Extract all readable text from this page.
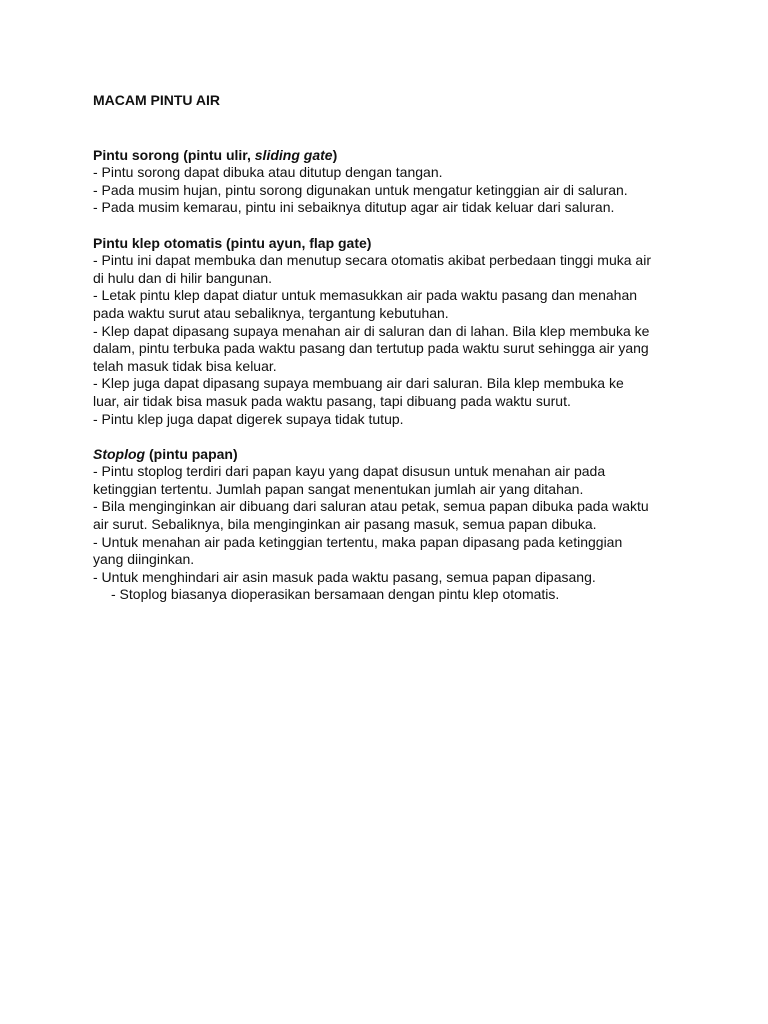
MACAM PINTU AIR

Pintu sorong (pintu ulir, sliding gate)

- Pintu sorong dapat dibuka atau ditutup dengan tangan.

- Pada musim hujan, pintu sorong digunakan untuk mengatur ketinggian air di saluran.

- Pada musim kemarau, pintu ini sebaiknya ditutup agar air tidak keluar dari saluran.

Pintu klep otomatis (pintu ayun, flap gate)

- Pintu ini dapat membuka dan menutup secara otomatis akibat perbedaan tinggi muka air di hulu dan di hilir bangunan.

- Letak pintu klep dapat diatur untuk memasukkan air pada waktu pasang dan menahan pada waktu surut atau sebaliknya, tergantung kebutuhan.

- Klep dapat dipasang supaya menahan air di saluran dan di lahan. Bila klep membuka ke dalam, pintu terbuka pada waktu pasang dan tertutup pada waktu surut sehingga air yang telah masuk tidak bisa keluar.

- Klep juga dapat dipasang supaya membuang air dari saluran. Bila klep membuka ke luar, air tidak bisa masuk pada waktu pasang, tapi dibuang pada waktu surut.

- Pintu klep juga dapat digerek supaya tidak tutup.

Stoplog (pintu papan)

- Pintu stoplog terdiri dari papan kayu yang dapat disusun untuk menahan air pada ketinggian tertentu. Jumlah papan sangat menentukan jumlah air yang ditahan.

- Bila menginginkan air dibuang dari saluran atau petak, semua papan dibuka pada waktu air surut. Sebaliknya, bila menginginkan air pasang masuk, semua papan dibuka.

- Untuk menahan air pada ketinggian tertentu, maka papan dipasang pada ketinggian yang diinginkan.

- Untuk menghindari air asin masuk pada waktu pasang, semua papan dipasang.

- Stoplog biasanya dioperasikan bersamaan dengan pintu klep otomatis.
